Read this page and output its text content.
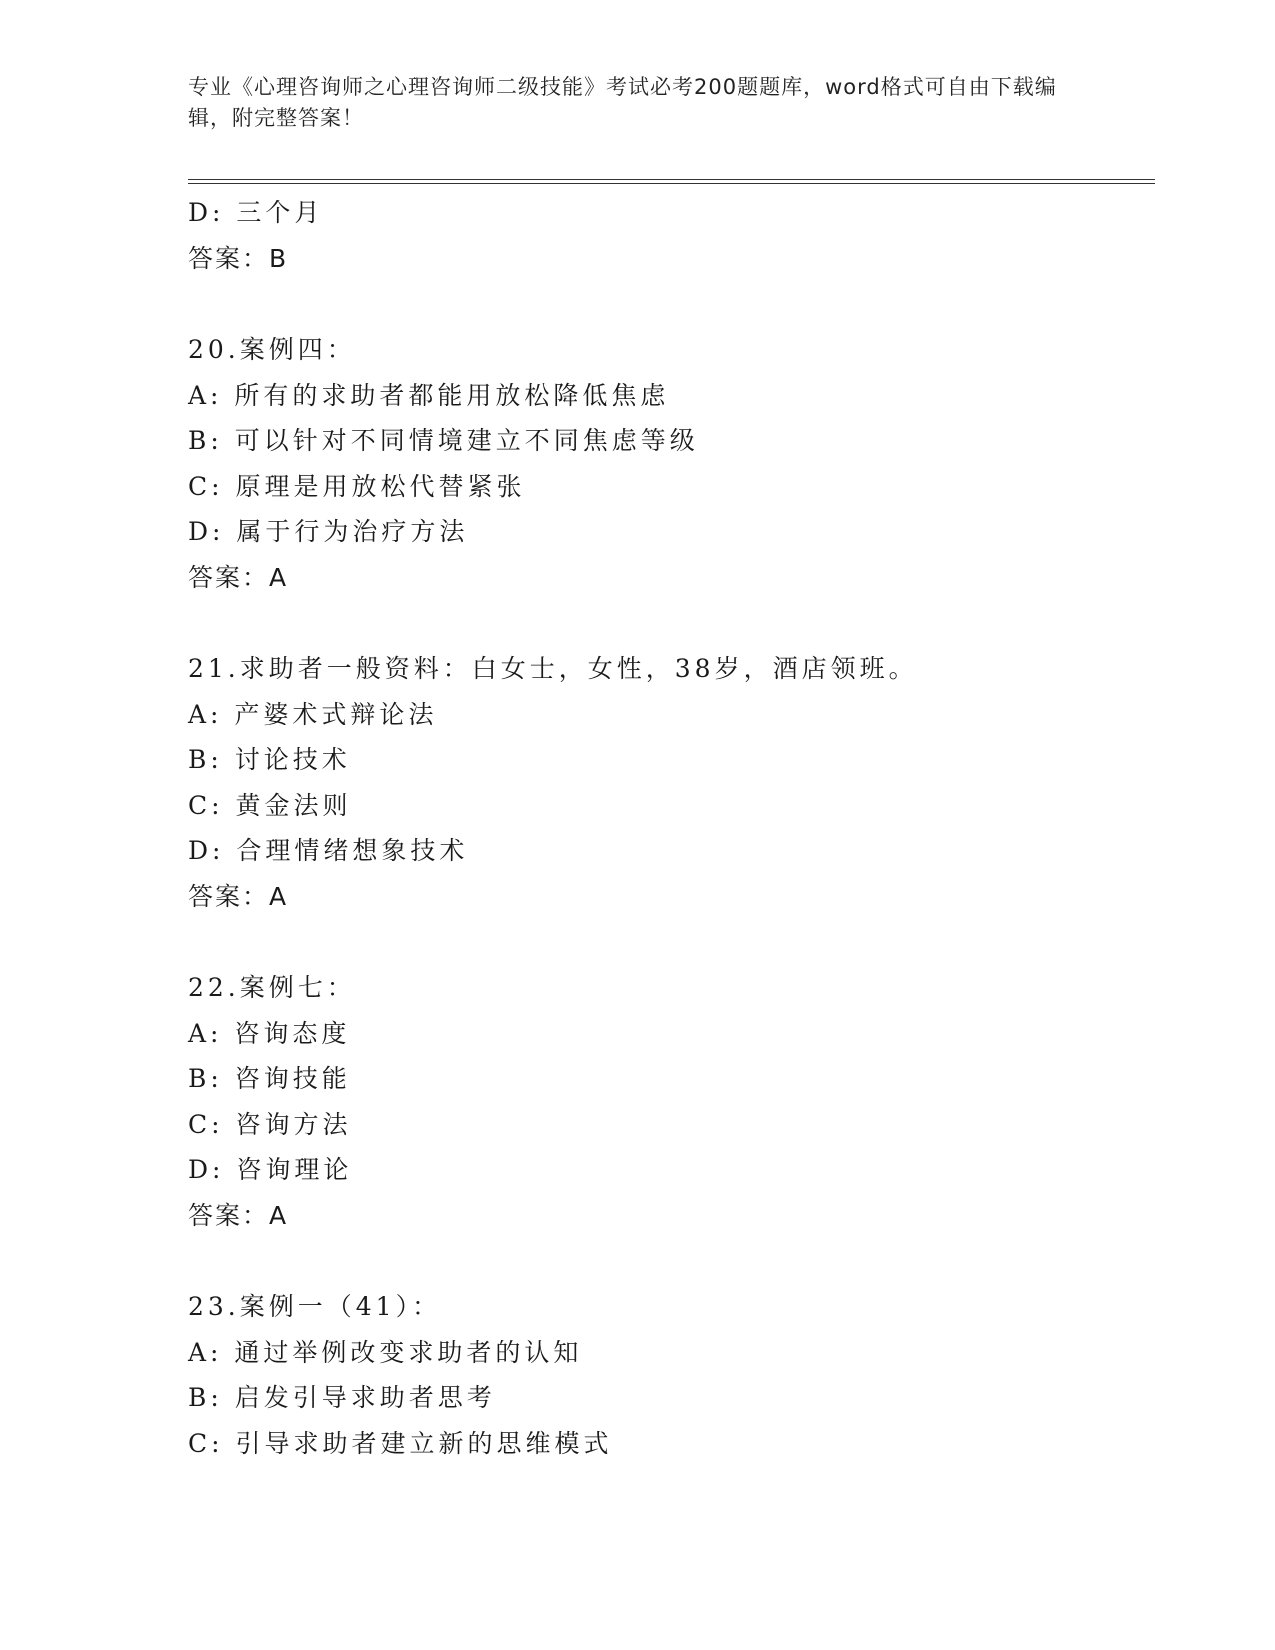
专业《心理咨询师之心理咨询师二级技能》考试必考200题题库，word格式可自由下载编辑，附完整答案！
D: 三个月
答案：B
20.案例四：
A: 所有的求助者都能用放松降低焦虑
B: 可以针对不同情境建立不同焦虑等级
C: 原理是用放松代替紧张
D: 属于行为治疗方法
答案：A
21.求助者一般资料：白女士，女性，38岁，酒店领班。
A: 产婆术式辩论法
B: 讨论技术
C: 黄金法则
D: 合理情绪想象技术
答案：A
22.案例七：
A: 咨询态度
B: 咨询技能
C: 咨询方法
D: 咨询理论
答案：A
23.案例一（41）：
A: 通过举例改变求助者的认知
B: 启发引导求助者思考
C: 引导求助者建立新的思维模式
